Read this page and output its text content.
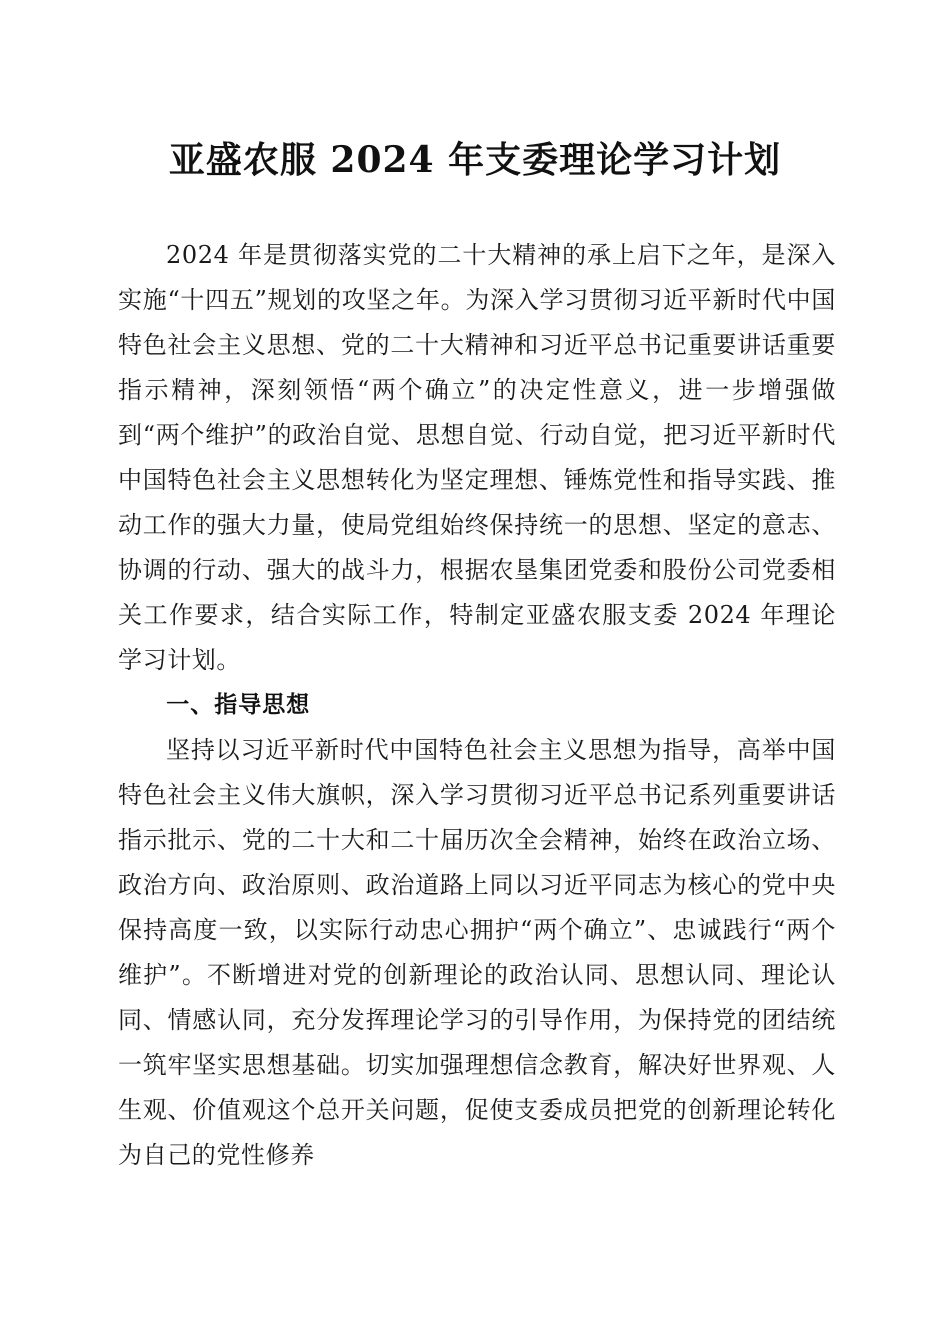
亚盛农服 2024 年支委理论学习计划

2024 年是贯彻落实党的二十大精神的承上启下之年，是深入实施“十四五”规划的攻坚之年。为深入学习贯彻习近平新时代中国特色社会主义思想、党的二十大精神和习近平总书记重要讲话重要指示精神，深刻领悟“两个确立”的决定性意义，进一步增强做到“两个维护”的政治自觉、思想自觉、行动自觉，把习近平新时代中国特色社会主义思想转化为坚定理想、锤炼党性和指导实践、推动工作的强大力量，使局党组始终保持统一的思想、坚定的意志、协调的行动、强大的战斗力，根据农垦集团党委和股份公司党委相关工作要求，结合实际工作，特制定亚盛农服支委 2024 年理论学习计划。

一、指导思想

坚持以习近平新时代中国特色社会主义思想为指导，高举中国特色社会主义伟大旗帜，深入学习贯彻习近平总书记系列重要讲话指示批示、党的二十大和二十届历次全会精神，始终在政治立场、政治方向、政治原则、政治道路上同以习近平同志为核心的党中央保持高度一致，以实际行动忠心拥护“两个确立”、忠诚践行“两个维护”。不断增进对党的创新理论的政治认同、思想认同、理论认同、情感认同，充分发挥理论学习的引导作用，为保持党的团结统一筑牢坚实思想基础。切实加强理想信念教育，解决好世界观、人生观、价值观这个总开关问题，促使支委成员把党的创新理论转化为自己的党性修养
